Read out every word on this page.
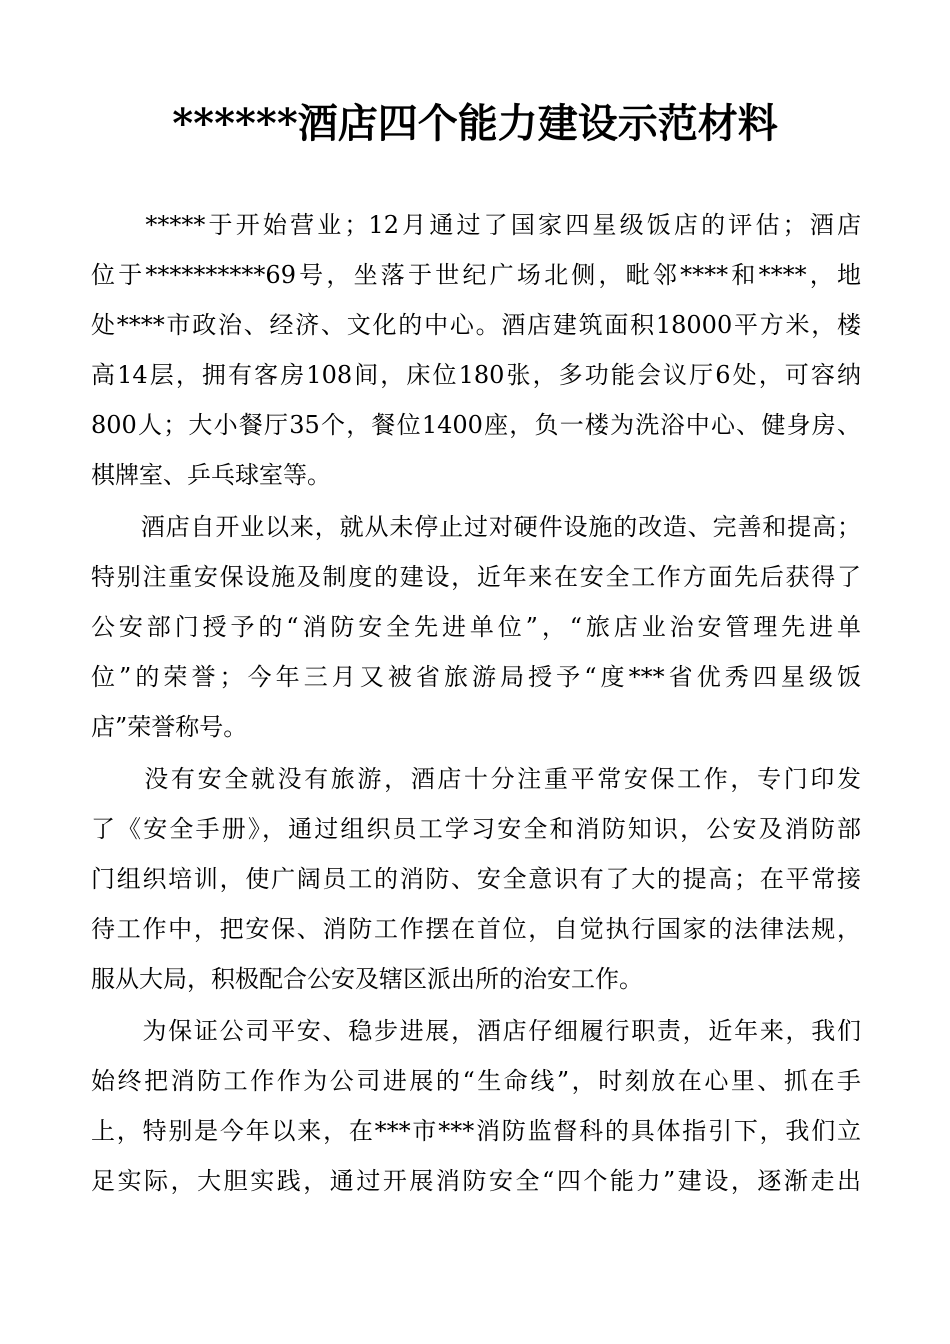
******酒店四个能力建设示范材料
　　*****于开始营业；12月通过了国家四星级饭店的评估；酒店
位于**********69号，坐落于世纪广场北侧，毗邻****和****，地
处****市政治、经济、文化的中心。酒店建筑面积18000平方米，楼
高14层，拥有客房108间，床位180张，多功能会议厅6处，可容纳
800人；大小餐厅35个，餐位1400座，负一楼为洗浴中心、健身房、
棋牌室、乒乓球室等。
　　酒店自开业以来，就从未停止过对硬件设施的改造、完善和提高；
特别注重安保设施及制度的建设，近年来在安全工作方面先后获得了
公安部门授予的“消防安全先进单位”，“旅店业治安管理先进单
位”的荣誉；今年三月又被省旅游局授予“度***省优秀四星级饭
店”荣誉称号。
　　没有安全就没有旅游，酒店十分注重平常安保工作，专门印发
了《安全手册》，通过组织员工学习安全和消防知识，公安及消防部
门组织培训，使广阔员工的消防、安全意识有了大的提高；在平常接
待工作中，把安保、消防工作摆在首位，自觉执行国家的法律法规，
服从大局，积极配合公安及辖区派出所的治安工作。
　　为保证公司平安、稳步进展，酒店仔细履行职责，近年来，我们
始终把消防工作作为公司进展的“生命线”，时刻放在心里、抓在手
上，特别是今年以来，在***市***消防监督科的具体指引下，我们立
足实际，大胆实践，通过开展消防安全“四个能力”建设，逐渐走出
